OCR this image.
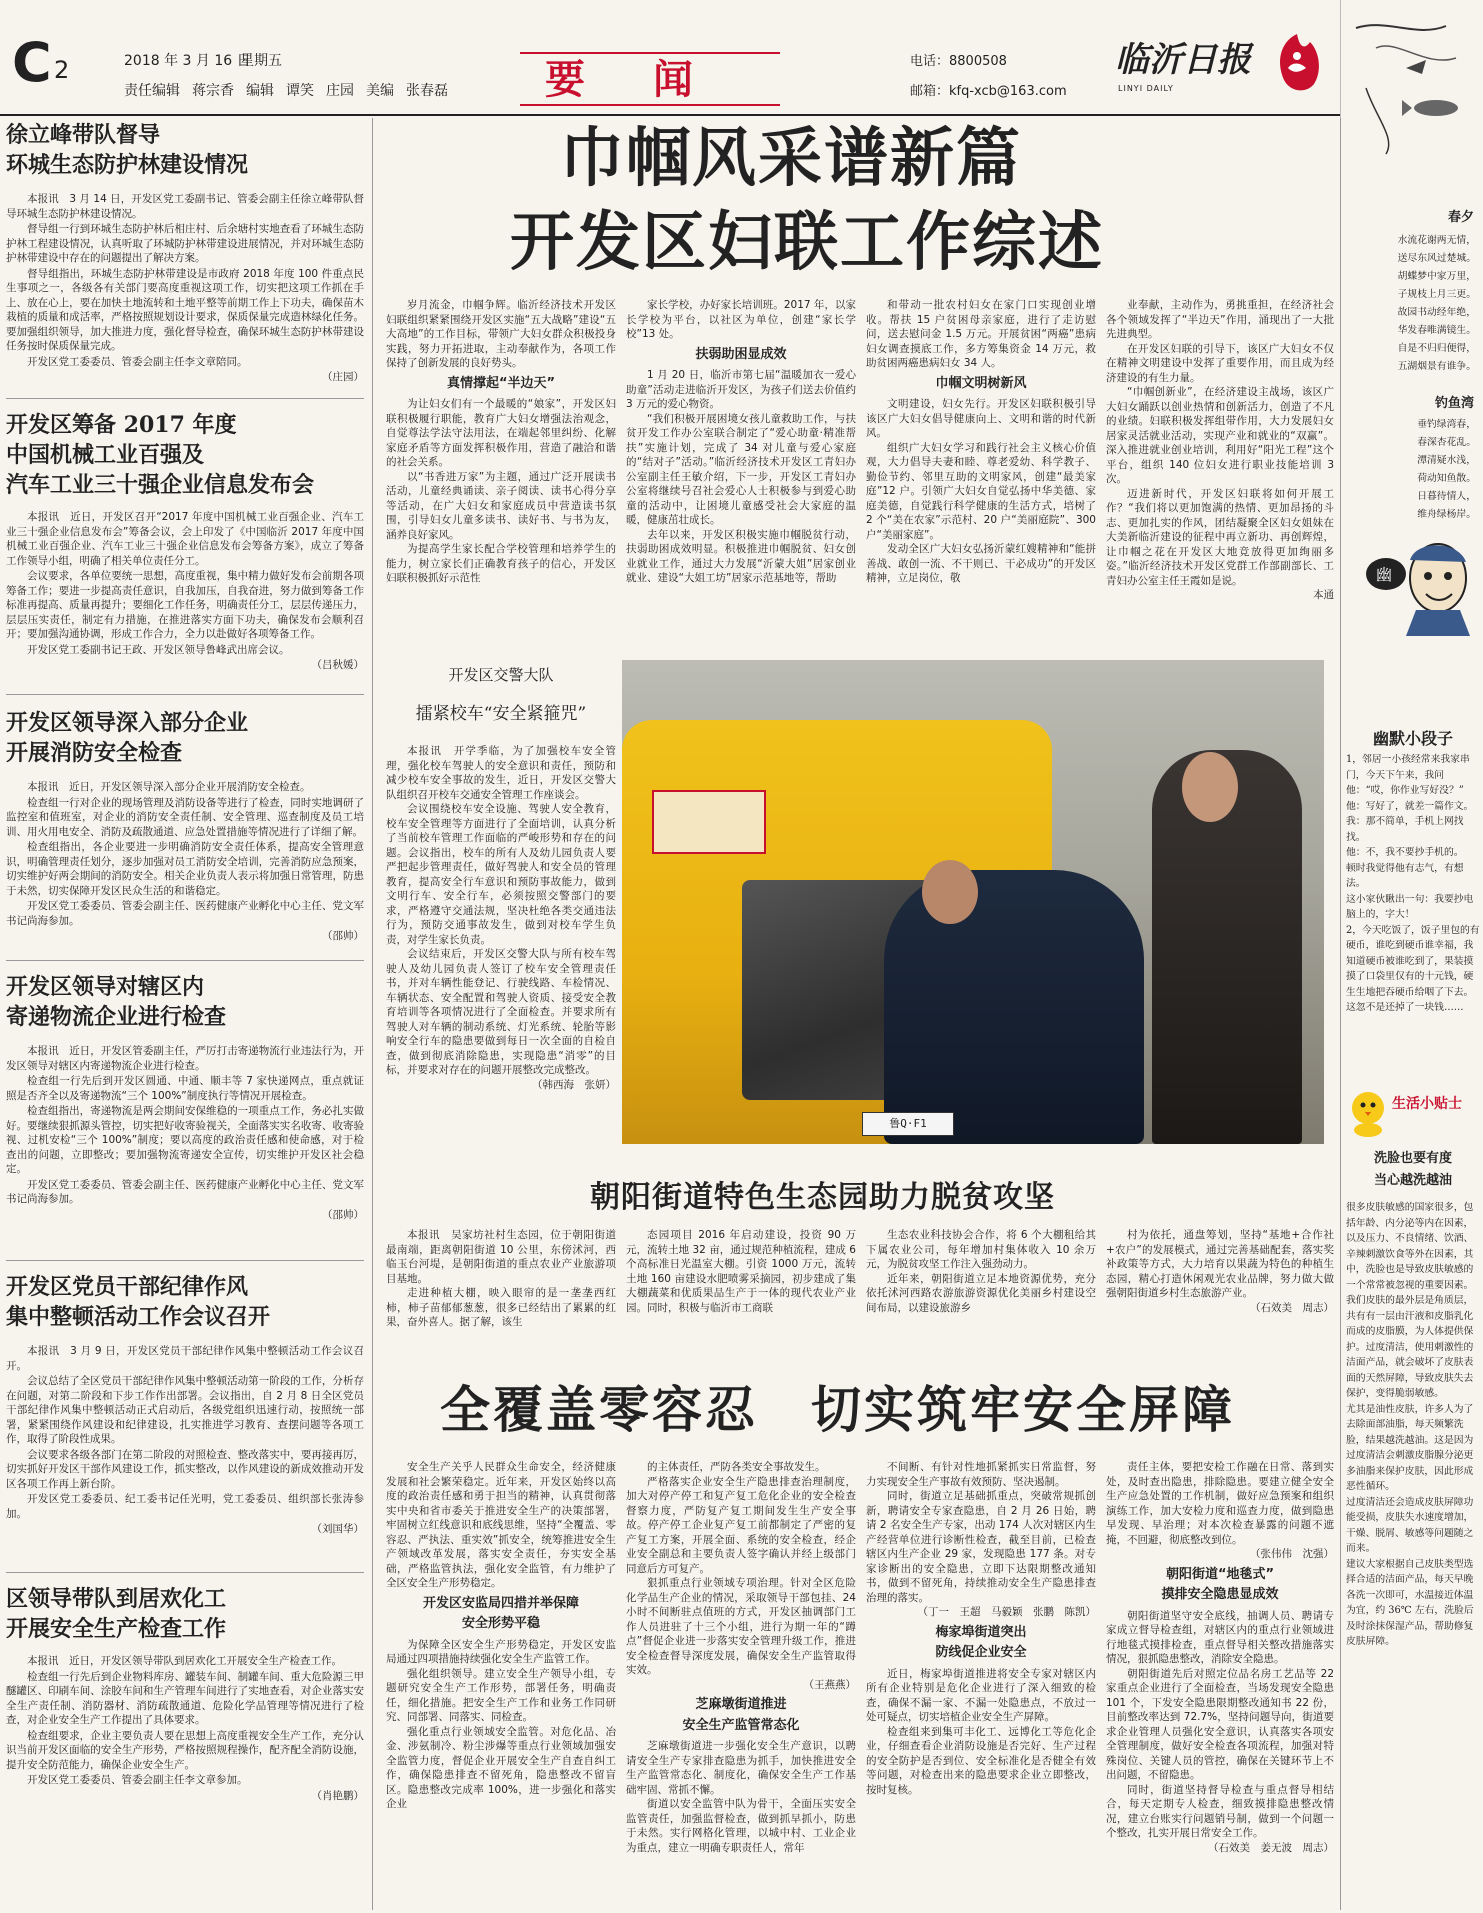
C 2	2018 年 3 月 16 日
星期五
责任编辑 蒋宗香 编辑 谭笑 庄园 美编 张春磊	要闻	电话：8800508
邮箱：kfq-xcb@163.com
临沂日报
LINYI DAILY
徐立峰带队督导
环城生态防护林建设情况

本报讯　3 月 14 日，开发区党工委副书记、管委会副主任徐立峰带队督导环城生态防护林建设情况。

督导组一行到环城生态防护林后相庄村、后余塘村实地查看了环城生态防护林工程建设情况，认真听取了环城防护林带建设进展情况，并对环城生态防护林带建设中存在的问题提出了解决方案。

督导组指出，环城生态防护林带建设是市政府 2018 年度 100 件重点民生事项之一，各级各有关部门要高度重视这项工作，切实把这项工作抓在手上、放在心上，要在加快土地流转和土地平整等前期工作上下功夫，确保苗木栽植的质量和成活率，严格按照规划设计要求，保质保量完成造林绿化任务。要加强组织领导，加大推进力度，强化督导检查，确保环城生态防护林带建设任务按时保质保量完成。

开发区党工委委员、管委会副主任李文章陪同。

（庄园）
开发区筹备 2017 年度
中国机械工业百强及
汽车工业三十强企业信息发布会

本报讯　近日，开发区召开“2017 年度中国机械工业百强企业、汽车工业三十强企业信息发布会”筹备会议，会上印发了《中国临沂 2017 年度中国机械工业百强企业、汽车工业三十强企业信息发布会筹备方案》，成立了筹备工作领导小组，明确了相关单位责任分工。

会议要求，各单位要统一思想，高度重视，集中精力做好发布会前期各项筹备工作；要进一步提高责任意识，自我加压，自我奋进，努力做到筹备工作标准再提高、质量再提升；要细化工作任务，明确责任分工，层层传递压力，层层压实责任，制定有力措施，在推进落实方面下功夫，确保发布会顺利召开；要加强沟通协调，形成工作合力，全力以赴做好各项筹备工作。

开发区党工委副书记王政、开发区领导鲁峰武出席会议。

（吕秋媛）
开发区领导深入部分企业
开展消防安全检查

本报讯　近日，开发区领导深入部分企业开展消防安全检查。

检查组一行对企业的现场管理及消防设备等进行了检查，同时实地调研了监控室和值班室，对企业的消防安全责任制、安全管理、巡查制度及员工培训、用火用电安全、消防及疏散通道、应急处置措施等情况进行了详细了解。

检查组指出，各企业要进一步明确消防安全责任体系，提高安全管理意识，明确管理责任划分，逐步加强对员工消防安全培训，完善消防应急预案，切实维护好两会期间的消防安全。相关企业负责人表示将加强日常管理，防患于未然，切实保障开发区民众生活的和谐稳定。

开发区党工委委员、管委会副主任、医药健康产业孵化中心主任、党文军书记尚海参加。

（邵帅）
开发区领导对辖区内
寄递物流企业进行检查

本报讯　近日，开发区管委副主任，严厉打击寄递物流行业违法行为，开发区领导对辖区内寄递物流企业进行检查。

检查组一行先后到开发区圆通、中通、顺丰等 7 家快递网点，重点就证照是否齐全以及寄递物流“三个 100%”制度执行等情况开展检查。

检查组指出，寄递物流是两会期间安保维稳的一项重点工作，务必扎实做好。要继续狠抓源头管控，切实把好收寄验视关，全面落实实名收寄、收寄验视、过机安检“三个 100%”制度；要以高度的政治责任感和使命感，对于检查出的问题，立即整改；要加强物流寄递安全宣传，切实维护开发区社会稳定。

开发区党工委委员、管委会副主任、医药健康产业孵化中心主任、党文军书记尚海参加。

（邵帅）
开发区党员干部纪律作风
集中整顿活动工作会议召开

本报讯　3 月 9 日，开发区党员干部纪律作风集中整顿活动工作会议召开。

会议总结了全区党员干部纪律作风集中整顿活动第一阶段的工作，分析存在问题，对第二阶段和下步工作作出部署。会议指出，自 2 月 8 日全区党员干部纪律作风集中整顿活动正式启动后，各级党组织迅速行动，按照统一部署，紧紧围绕作风建设和纪律建设，扎实推进学习教育、查摆问题等各项工作，取得了阶段性成果。

会议要求各级各部门在第二阶段的对照检查、整改落实中，要再接再厉，切实抓好开发区干部作风建设工作，抓实整改，以作风建设的新成效推动开发区各项工作再上新台阶。

开发区党工委委员、纪工委书记任光明，党工委委员、组织部长张涛参加。

（刘国华）
区领导带队到居欢化工
开展安全生产检查工作

本报讯　近日，开发区领导带队到居欢化工开展安全生产检查工作。

检查组一行先后到企业物料库房、罐装车间、制罐车间、重大危险源三甲醚罐区、印刷车间、涂胶车间和生产管理车间进行了实地查看，对企业落实安全生产责任制、消防器材、消防疏散通道、危险化学品管理等情况进行了检查，对企业安全生产工作提出了具体要求。

检查组要求，企业主要负责人要在思想上高度重视安全生产工作，充分认识当前开发区面临的安全生产形势，严格按照规程操作，配齐配全消防设施，提升安全防范能力，确保企业安全生产。

开发区党工委委员、管委会副主任李文章参加。

（肖艳鹏）
巾帼风采谱新篇
开发区妇联工作综述

岁月流金，巾帼争辉。临沂经济技术开发区妇联组织紧紧围绕开发区实施“五大战略”建设“五大高地”的工作目标，带领广大妇女群众积极投身实践，努力开拓进取，主动奉献作为，各项工作保持了创新发展的良好势头。

真情撑起“半边天”

为让妇女们有一个最暖的“娘家”，开发区妇联积极履行职能，教育广大妇女增强法治观念，自觉尊法学法守法用法，在端起邻里纠纷、化解家庭矛盾等方面发挥积极作用，营造了融洽和谐的社会关系。

以“书香进万家”为主题，通过广泛开展读书活动，儿童经典诵读、亲子阅读、读书心得分享等活动，在广大妇女和家庭成员中营造读书氛围，引导妇女儿童多读书、读好书、与书为友，涵养良好家风。

为提高学生家长配合学校管理和培养学生的能力，树立家长们正确教育孩子的信心，开发区妇联积极抓好示范性

家长学校，办好家长培训班。2017 年，以家长学校为平台，以社区为单位，创建“家长学校”13 处。

扶弱助困显成效

1 月 20 日，临沂市第七届“温暖加衣一爱心助童”活动走进临沂开发区，为孩子们送去价值约 3 万元的爱心物资。

“我们积极开展困境女孩儿童救助工作，与扶贫开发工作办公室联合制定了“爱心助童·精准帮扶”实施计划，完成了 34 对儿童与爱心家庭的“结对子”活动。”临沂经济技术开发区工青妇办公室副主任王敏介绍，下一步，开发区工青妇办公室将继续号召社会爱心人士积极参与到爱心助童的活动中，让困境儿童感受社会大家庭的温暖，健康茁壮成长。

去年以来，开发区积极实施巾帼脱贫行动，扶弱助困成效明显。积极推进巾帼脱贫、妇女创业就业工作，通过大力发展“沂蒙大姐”居家创业就业、建设“大姐工坊”居家示范基地等，帮助

和带动一批农村妇女在家门口实现创业增收。帮扶 15 户贫困母亲家庭，进行了走访慰问，送去慰问金 1.5 万元。开展贫困“两癌”患病妇女调查摸底工作，多方筹集资金 14 万元，救助贫困两癌患病妇女 34 人。

巾帼文明树新风

文明建设，妇女先行。开发区妇联积极引导该区广大妇女倡导健康向上、文明和谐的时代新风。

组织广大妇女学习和践行社会主义核心价值观，大力倡导夫妻和睦、尊老爱幼、科学教子、勤俭节约、邻里互助的文明家风，创建“最美家庭”12 户。引领广大妇女自觉弘扬中华美德、家庭美德，自觉践行科学健康的生活方式，培树了 2 个“美在农家”示范村、20 户“美丽庭院”、300 户“美丽家庭”。

发动全区广大妇女弘扬沂蒙红嫂精神和“能拼善战、敢创一流、不干则已、干必成功”的开发区精神，立足岗位，敬

业奉献，主动作为，勇挑重担，在经济社会各个领域发挥了“半边天”作用，涌现出了一大批先进典型。

在开发区妇联的引导下，该区广大妇女不仅在精神文明建设中发挥了重要作用，而且成为经济建设的有生力量。

“巾帼创新业”，在经济建设主战场，该区广大妇女踊跃以创业热情和创新活力，创造了不凡的业绩。妇联积极发挥组带作用，大力发展妇女居家灵活就业活动，实现产业和就业的“双赢”。深入推进就业创业培训，利用好“阳光工程”这个平台，组织 140 位妇女进行职业技能培训 3 次。

迈进新时代，开发区妇联将如何开展工作？“我们将以更加饱满的热情、更加昂扬的斗志、更加扎实的作风，团结凝聚全区妇女姐妹在大美新临沂建设的征程中再立新功、再创辉煌，让巾帼之花在开发区大地竞放得更加绚丽多姿。”临沂经济技术开发区党群工作部副部长、工青妇办公室主任王霞如是说。

本通
开发区交警大队
擂紧校车“安全紧箍咒”

本报讯　开学季临，为了加强校车安全管理，强化校车驾驶人的安全意识和责任，预防和减少校车安全事故的发生，近日，开发区交警大队组织召开校车交通安全管理工作座谈会。

会议围绕校车安全设施、驾驶人安全教育，校车安全管理等方面进行了全面培训，认真分析了当前校车管理工作面临的严峻形势和存在的问题。会议指出，校车的所有人及幼儿园负责人要严把起步管理责任，做好驾驶人和安全员的管理教育，提高安全行车意识和预防事故能力，做到文明行车、安全行车，必须按照交警部门的要求，严格遵守交通法规，坚决杜绝各类交通违法行为，预防交通事故发生，做到对校车学生负责，对学生家长负责。

会议结束后，开发区交警大队与所有校车驾驶人及幼儿园负责人签订了校车安全管理责任书，并对车辆性能登记、行驶线路、车检情况、车辆状态、安全配置和驾驶人资质、接受安全教育培训等各项情况进行了全面检查。并要求所有驾驶人对车辆的制动系统、灯光系统、轮胎等影响安全行车的隐患要做到每日一次全面的自检自查，做到彻底消除隐患，实现隐患“消零”的目标，并要求对存在的问题开展整改完成整改。

（韩西海　张妍）
鲁Q·F1
朝阳街道特色生态园助力脱贫攻坚

本报讯　吴家坊社村生态园，位于朝阳街道最南端，距离朝阳街道 10 公里，东傍沭河，西临玉台河堤，是朝阳街道的重点农业产业旅游项目基地。

走进种植大棚，映入眼帘的是一垄垄西红柿，柿子苗郁郁葱葱，很多已经结出了累累的红果，奋外喜人。据了解，该生

态园项目 2016 年启动建设，投资 90 万元，流转土地 32 亩，通过规范种植流程，建成 6 个高标准日光温室大棚。引资 1000 万元，流转土地 160 亩建设水肥喷雾采摘园，初步建成了集大棚蔬菜和优质果品生产于一体的现代农业产业园。同时，积极与临沂市工商联

生态农业科技协会合作，将 6 个大棚租给其下属农业公司，每年增加村集体收入 10 余万元，为脱贫攻坚工作注入强劲动力。

近年来，朝阳街道立足本地资源优势，充分依托沭河西路农游旅游资源优化美丽乡村建设空间布局，以建设旅游乡

村为依托，通盘筹划，坚持“基地+合作社+农户”的发展模式，通过完善基础配套，落实奖补政策等方式，大力培育以果蔬为特色的种植生态园，精心打造休闲观光农业品牌，努力做大做强朝阳街道乡村生态旅游产业。

（石效美　周志）
全覆盖零容忍　切实筑牢安全屏障

安全生产关乎人民群众生命安全，经济健康发展和社会繁荣稳定。近年来，开发区始终以高度的政治责任感和勇于担当的精神，认真贯彻落实中央和省市委关于推进安全生产的决策部署，牢固树立红线意识和底线思维，坚持“全覆盖、零容忍、严执法、重实效”抓安全，统筹推进安全生产领域改革发展，落实安全责任，夯实安全基础，严格监管执法，强化安全监管，有力维护了全区安全生产形势稳定。

开发区安监局四措并举保障
安全形势平稳

为保障全区安全生产形势稳定，开发区安监局通过四项措施持续强化安全生产监管工作。

强化组织领导。建立安全生产领导小组，专题研究安全生产工作形势，部署任务，明确责任，细化措施。把安全生产工作和业务工作同研究、同部署、同落实、同检查。

强化重点行业领域安全监管。对危化品、冶金、涉氨制冷、粉尘涉爆等重点行业领域加强安全监管力度，督促企业开展安全生产自查自纠工作，确保隐患排查不留死角，隐患整改不留盲区。隐患整改完成率 100%，进一步强化和落实企业

的主体责任，严防各类安全事故发生。

严格落实企业安全生产隐患排查治理制度，加大对停产停工和复产复工危化企业的安全检查督察力度，严防复产复工期间发生生产安全事故。停产停工企业复产复工前都制定了严密的复产复工方案，开展全面、系统的安全检查，经企业安全副总和主要负责人签字确认并经上级部门同意后方可复产。

狠抓重点行业领域专项治理。针对全区危险化学品生产企业的情况，采取领导干部包挂、24 小时不间断驻点值班的方式，开发区抽调部门工作人员进驻了十三个小组，进行为期一年的“蹲点”督促企业进一步落实安全管理升级工作，推进安全检查督导深度发展，确保安全生产监管取得实效。

（王燕燕）
芝麻墩街道推进
安全生产监管常态化

芝麻墩街道进一步强化安全生产意识，以聘请安全生产专家排查隐患为抓手，加快推进安全生产监管常态化、制度化，确保安全生产工作基础牢固、常抓不懈。

街道以安全监管中队为骨干，全面压实安全监管责任，加强监督检查，做到抓早抓小，防患于未然。实行网格化管理，以城中村、工业企业为重点，建立一明确专职责任人，常年

不间断、有针对性地抓紧抓实日常监督，努力实现安全生产事故有效预防、坚决遏制。

同时，街道立足基础抓重点，突破常规抓创新，聘请安全专家查隐患，自 2 月 26 日始，聘请 2 名安全生产专家，出动 174 人次对辖区内生产经营单位进行诊断性检查，截至目前，已检查辖区内生产企业 29 家，发现隐患 177 条。对专家诊断出的安全隐患，立即下达限期整改通知书，做到不留死角，持续推动安全生产隐患排查治理的落实。

（丁一　王超　马毅颖　张鹏　陈凯）
梅家埠街道突出
防线促企业安全

近日，梅家埠街道推进将安全专家对辖区内所有企业特别是危化企业进行了深入细致的检查，确保不漏一家、不漏一处隐患点，不放过一处可疑点，切实培植企业安全生产屏障。

检查组来到集可丰化工、远博化工等危化企业，仔细查看企业消防设施是否完好、生产过程的安全防护是否到位、安全标准化是否健全有效等问题，对检查出来的隐患要求企业立即整改，按时复核。

责任主体，要把安检工作融在日常、落到实处，及时查出隐患，排除隐患。要建立健全安全生产应急处置的工作机制，做好应急预案和组织演练工作，加大安检力度和巡查力度，做到隐患早发现、早治理；对本次检查暴露的问题不遮掩，不回避，彻底整改到位。

（张伟伟　沈强）
朝阳街道“地毯式”
摸排安全隐患显成效

朝阳街道坚守安全底线，抽调人员、聘请专家成立督导检查组，对辖区内的重点行业领域进行地毯式摸排检查，重点督导相关整改措施落实情况，狠抓隐患整改，消除安全隐患。

朝阳街道先后对照定位品名房工艺品等 22 家重点企业进行了全面检查，当场发现安全隐患 101 个，下发安全隐患限期整改通知书 22 份，目前整改率达到 72.7%，坚持问题导向，街道要求企业管理人员强化安全意识，认真落实各项安全管理制度，做好安全检查各项流程，加强对特殊岗位、关键人员的管控，确保在关键环节上不出问题，不留隐患。

同时，街道坚持督导检查与重点督导相结合，每天定期专人检查，细致摸排隐患整改情况，建立台账实行问题销号制，做到一个问题一个整改，扎实开展日常安全工作。

（石效美　姜无波　周志）
春夕

水流花谢两无情，

送尽东风过楚城。

胡蝶梦中家万里，

子规枝上月三更。

故园书动经年绝，

华发春唯满镜生。

自是不归归便得，

五湖烟景有谁争。

钓鱼湾

垂钓绿湾春，

春深杏花乱。

潭清疑水浅，

荷动知鱼散。

日暮待情人，

维舟绿杨岸。

幽
幽默小段子

1，邻居一小孩经常来我家串门，今天下午来，我问他：“哎，你作业写好没？”

他：写好了，就差一篇作文。

我：那不简单，手机上网找找。

他：不，我不要抄手机的。

顿时我觉得他有志气，有想法。

这小家伙瞅出一句：我要抄电脑上的，字大！

2，今天吃饭了，饭子里包的有硬币，谁吃到硬币谁幸福，我知道硬币被谁吃到了，果装摸摸了口袋里仅有的十元钱，硬生生地把吞硬币给咽了下去。

这忽不是还掉了一块钱……

生活小贴士
洗脸也要有度
当心越洗越油

很多皮肤敏感的国家很多，包括年龄、内分泌等内在因素，以及压力、不良情绪、饮酒、辛辣刺激饮食等外在因素，其中，洗脸也是导致皮肤敏感的一个常常被忽视的重要因素。

我们皮肤的最外层是角质层，共有有一层由汗液和皮脂乳化而成的皮脂膜，为人体提供保护。过度清洁，使用刺激性的洁面产品，就会破坏了皮肤表面的天然屏障，导致皮肤失去保护，变得脆弱敏感。

尤其是油性皮肤，许多人为了去除面部油脂，每天频繁洗脸，结果越洗越油。这是因为过度清洁会刺激皮脂腺分泌更多油脂来保护皮肤，因此形成恶性循环。

过度清洁还会造成皮肤屏障功能受损，皮肤失水速度增加，干燥、脱屑、敏感等问题随之而来。

建议大家根据自己皮肤类型选择合适的洁面产品，每天早晚各洗一次即可，水温接近体温为宜，约 36℃ 左右，洗脸后及时涂抹保湿产品，帮助修复皮肤屏障。
